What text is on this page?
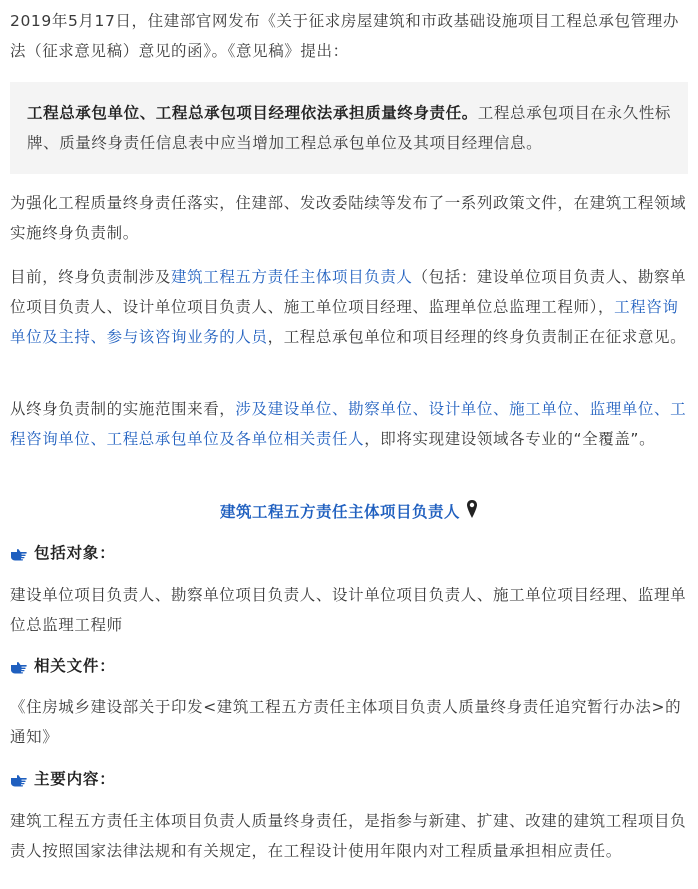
2019年5月17日，住建部官网发布《关于征求房屋建筑和市政基础设施项目工程总承包管理办法（征求意见稿）意见的函》。《意见稿》提出：

工程总承包单位、工程总承包项目经理依法承担质量终身责任。工程总承包项目在永久性标牌、质量终身责任信息表中应当增加工程总承包单位及其项目经理信息。

为强化工程质量终身责任落实，住建部、发改委陆续等发布了一系列政策文件，在建筑工程领域实施终身负责制。

目前，终身负责制涉及建筑工程五方责任主体项目负责人（包括：建设单位项目负责人、勘察单位项目负责人、设计单位项目负责人、施工单位项目经理、监理单位总监理工程师），工程咨询单位及主持、参与该咨询业务的人员，工程总承包单位和项目经理的终身负责制正在征求意见。

从终身负责制的实施范围来看，涉及建设单位、勘察单位、设计单位、施工单位、监理单位、工程咨询单位、工程总承包单位及各单位相关责任人，即将实现建设领域各专业的“全覆盖”。

建筑工程五方责任主体项目负责人
包括对象：

建设单位项目负责人、勘察单位项目负责人、设计单位项目负责人、施工单位项目经理、监理单位总监理工程师

相关文件：

《住房城乡建设部关于印发<建筑工程五方责任主体项目负责人质量终身责任追究暂行办法>的通知》

主要内容：

建筑工程五方责任主体项目负责人质量终身责任，是指参与新建、扩建、改建的建筑工程项目负责人按照国家法律法规和有关规定，在工程设计使用年限内对工程质量承担相应责任。
